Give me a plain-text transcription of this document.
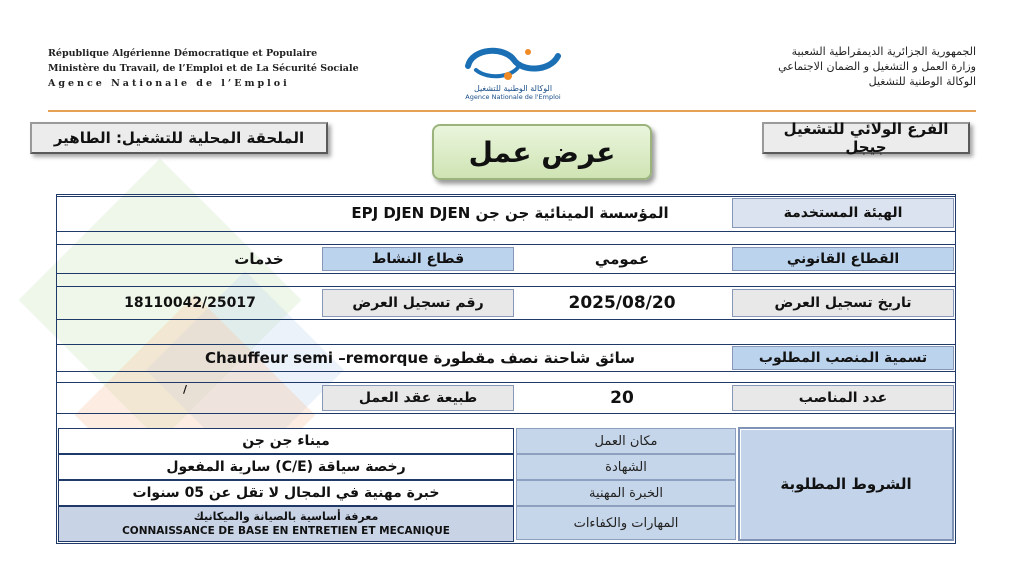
République Algérienne Démocratique et Populaire
Ministère du Travail, de l’Emploi et de La Sécurité Sociale
Agence Nationale de l’Emploi	الوكالة الوطنية للتشغيل
Agence Nationale de l'Emploi
الجمهورية الجزائرية الديمقراطية الشعبية
وزارة العمل و التشغيل و الضمان الاجتماعي
الوكالة الوطنية للتشغيل
الملحقة المحلية للتشغيل: الطاهير	عرض عمل
الفرع الولائي للتشغيل جيجل
الهيئة المستخدمة
المؤسسة المينائية جن جن EPJ DJEN DJEN
القطاع القانوني
عمومي
قطاع النشاط
خدمات
تاريخ تسجيل العرض
2025/08/20
رقم تسجيل العرض
18110042/25017
تسمية المنصب المطلوب
سائق شاحنة نصف مقطورة Chauffeur semi –remorque
عدد المناصب
20
طبيعة عقد العمل
/
الشروط المطلوبة
مكان العمل
ميناء جن جن
الشهادة
رخصة سياقة (C/E) سارية المفعول
الخبرة المهنية
خبرة مهنية في المجال لا تقل عن 05 سنوات
المهارات والكفاءات
معرفة أساسية بالصيانة والميكانيك
CONNAISSANCE DE BASE EN ENTRETIEN ET MECANIQUE
